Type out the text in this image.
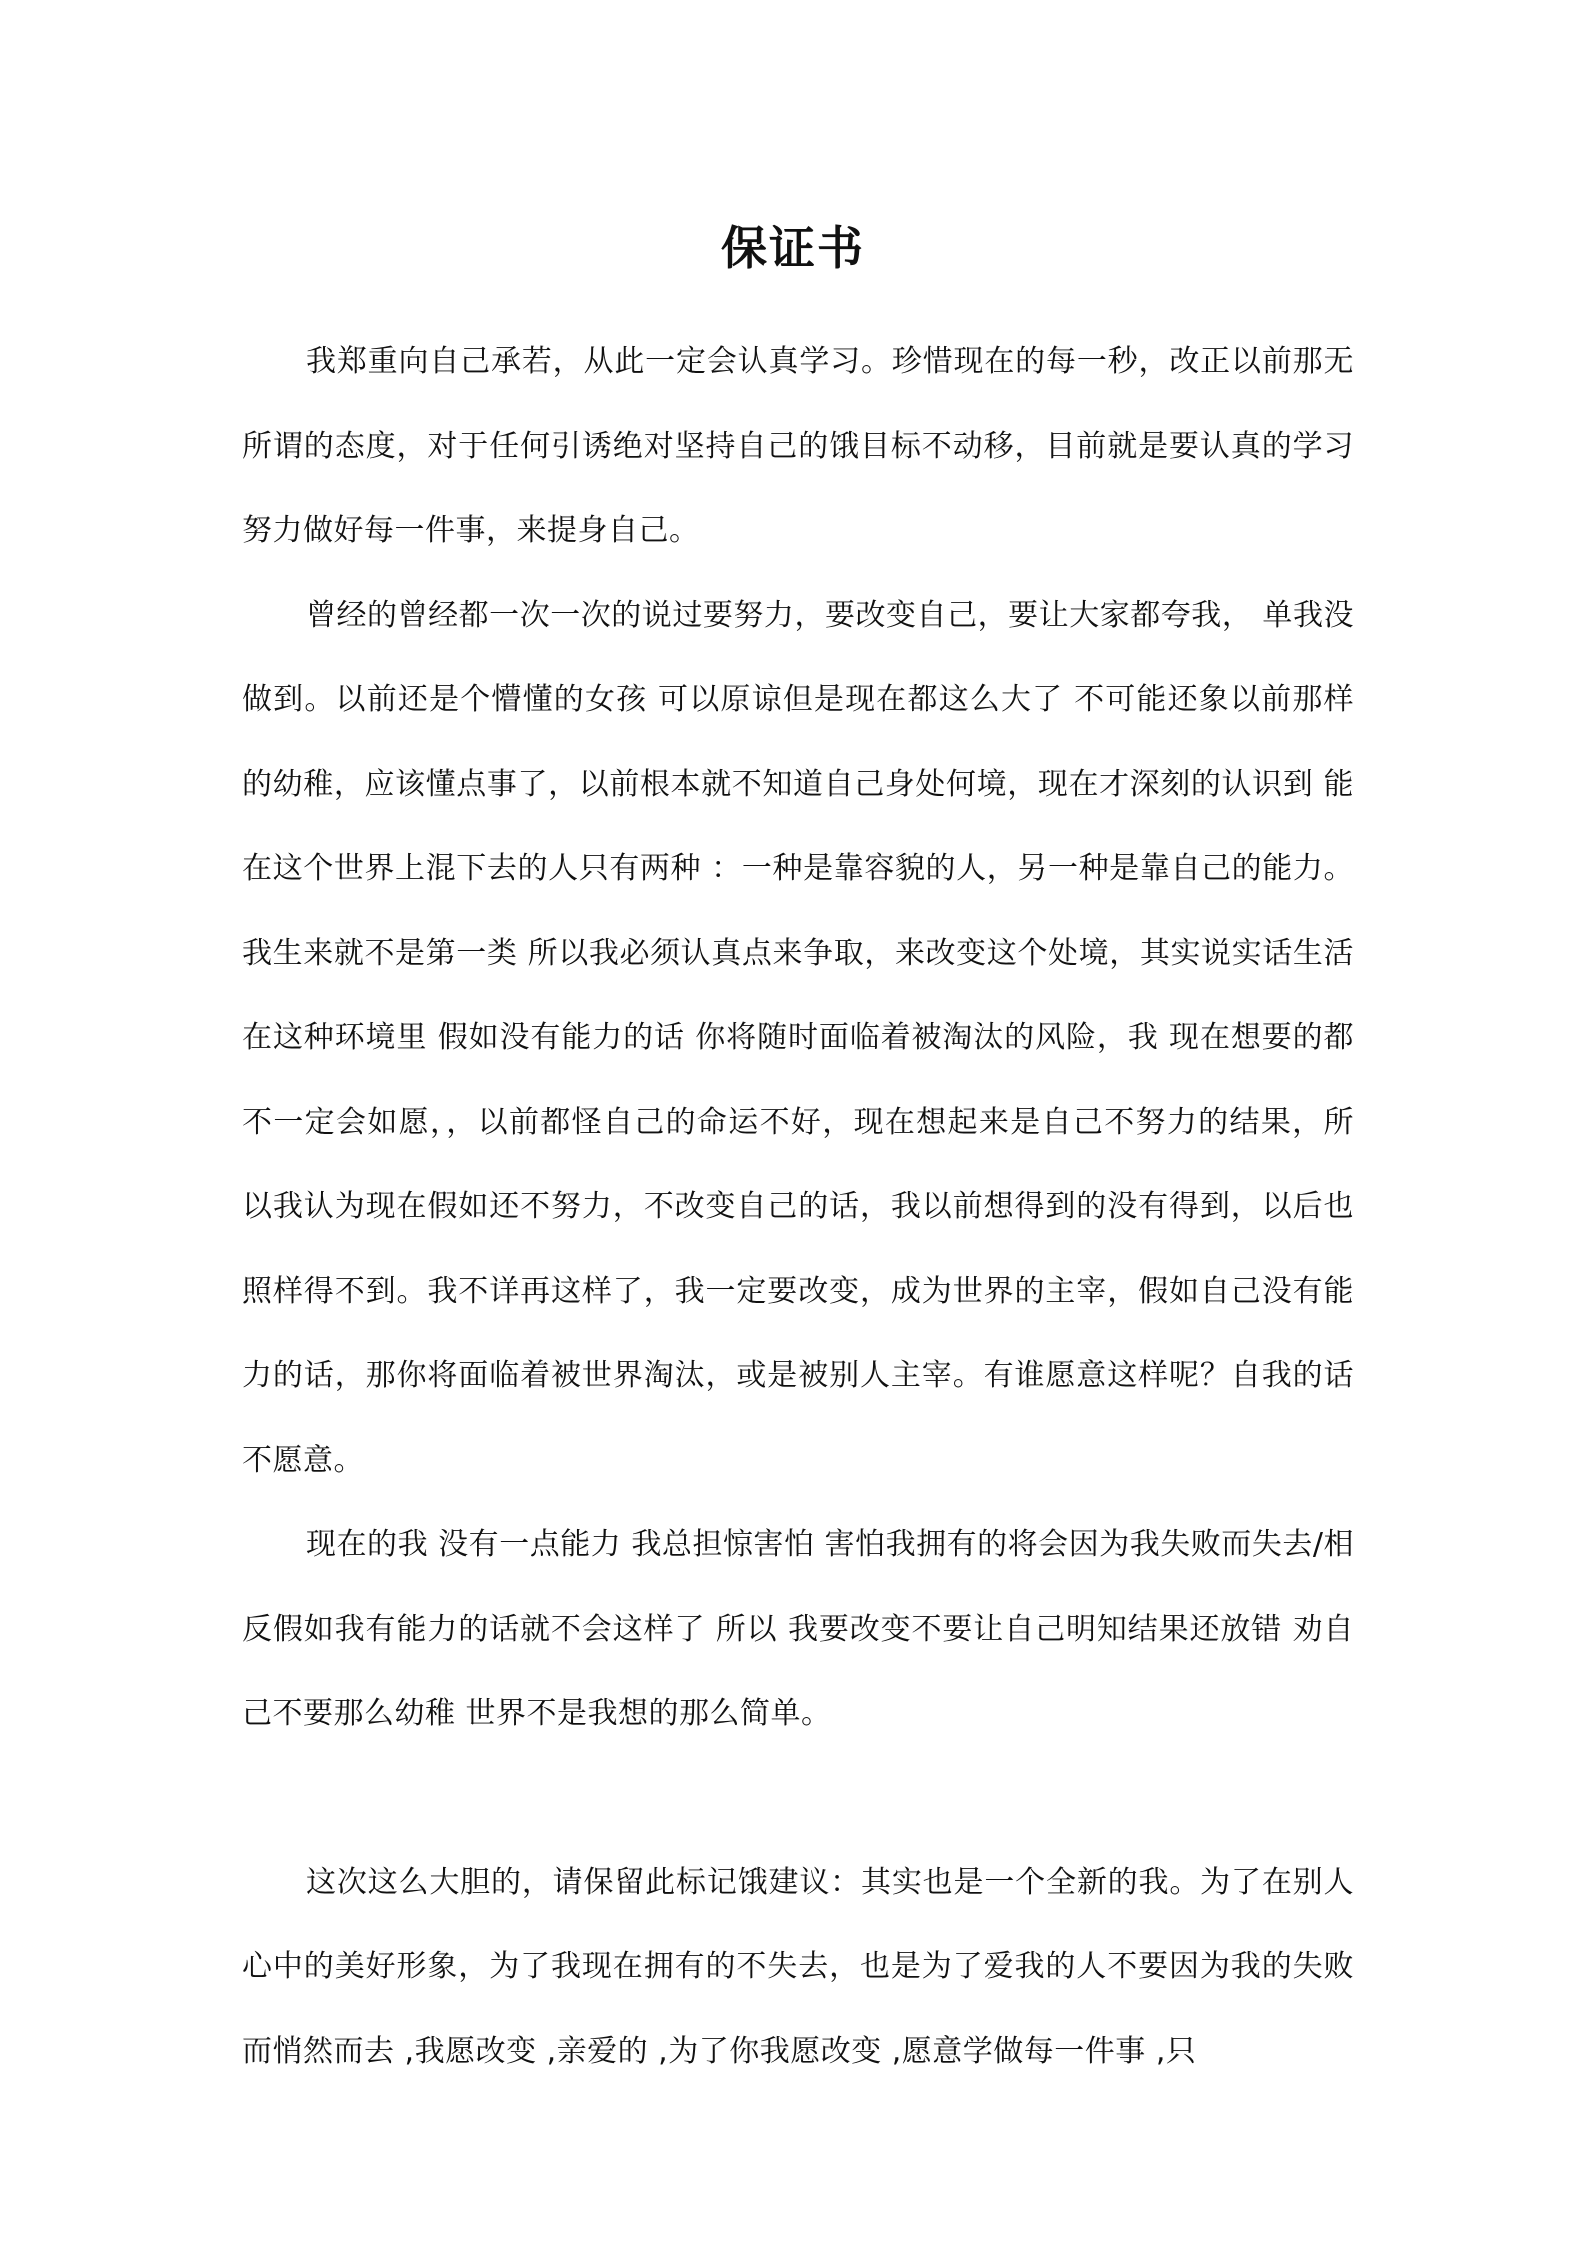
保证书

我郑重向自己承若，从此一定会认真学习。珍惜现在的每一秒，改正以前那无所谓的态度，对于任何引诱绝对坚持自己的饿目标不动移，目前就是要认真的学习努力做好每一件事，来提身自己。

曾经的曾经都一次一次的说过要努力，要改变自己，要让大家都夸我， 单我没做到。以前还是个懵懂的女孩 可以原谅但是现在都这么大了 不可能还象以前那样的幼稚，应该懂点事了，以前根本就不知道自己身处何境，现在才深刻的认识到 能在这个世界上混下去的人只有两种 ：一种是靠容貌的人，另一种是靠自己的能力。我生来就不是第一类 所以我必须认真点来争取，来改变这个处境，其实说实话生活在这种环境里 假如没有能力的话 你将随时面临着被淘汰的风险，我 现在想要的都不一定会如愿，，以前都怪自己的命运不好，现在想起来是自己不努力的结果，所以我认为现在假如还不努力，不改变自己的话，我以前想得到的没有得到，以后也照样得不到。我不详再这样了，我一定要改变，成为世界的主宰，假如自己没有能力的话，那你将面临着被世界淘汰，或是被别人主宰。有谁愿意这样呢？自我的话不愿意。

现在的我 没有一点能力 我总担惊害怕 害怕我拥有的将会因为我失败而失去/相反假如我有能力的话就不会这样了 所以 我要改变不要让自己明知结果还放错 劝自己不要那么幼稚 世界不是我想的那么简单。

这次这么大胆的，请保留此标记饿建议：其实也是一个全新的我。为了在别人心中的美好形象，为了我现在拥有的不失去，也是为了爱我的人不要因为我的失败而悄然而去 ,我愿改变 ,亲爱的 ,为了你我愿改变 ,愿意学做每一件事 ,只
